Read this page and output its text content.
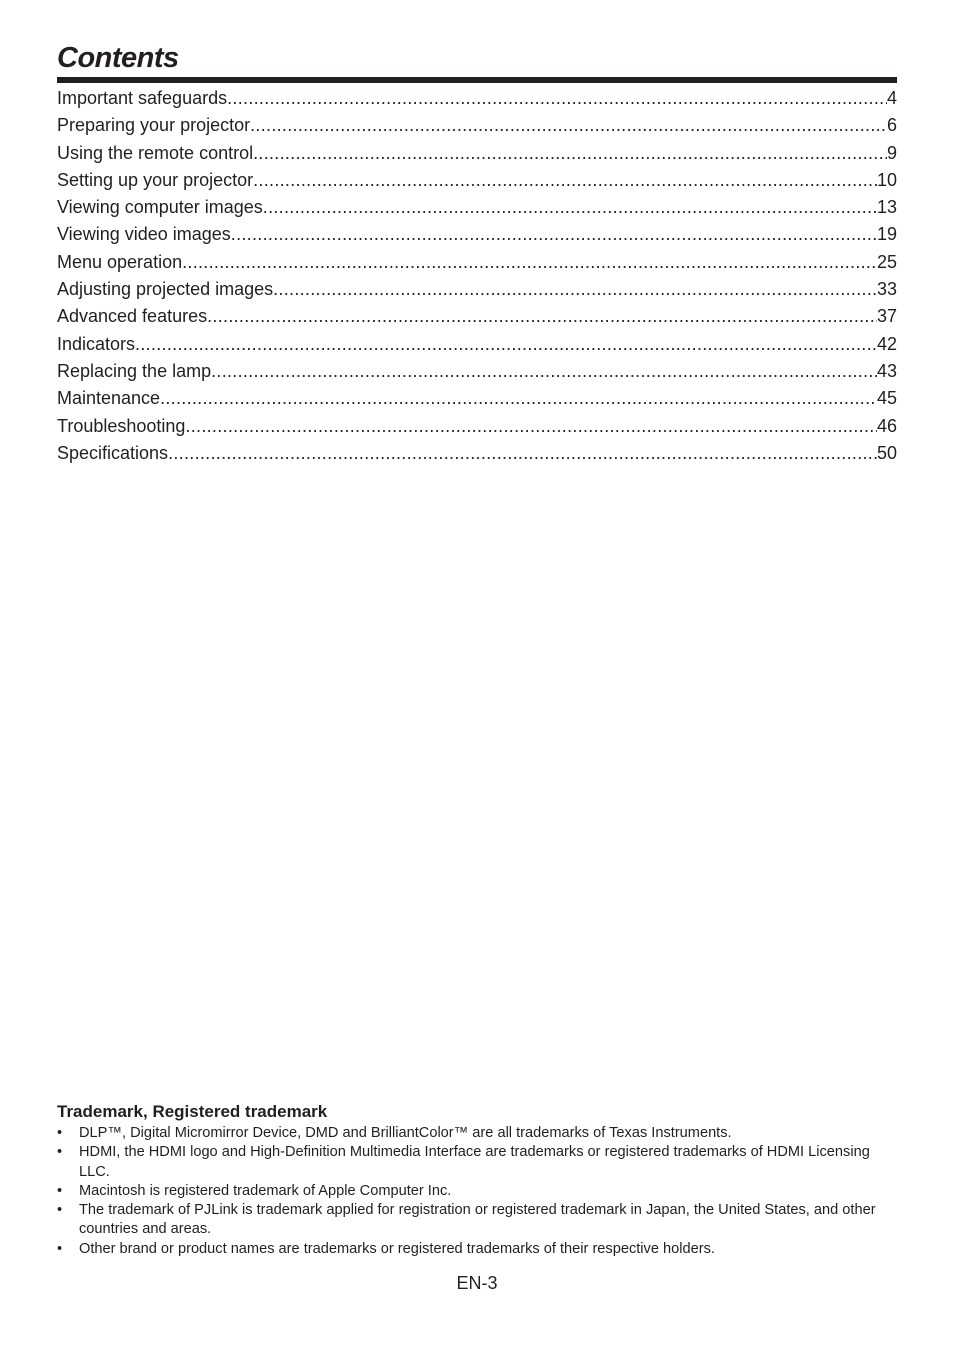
Contents
Important safeguards .....	4
Preparing your projector .....	6
Using the remote control .....	9
Setting up your projector .....	10
Viewing computer images .....	13
Viewing video images .....	19
Menu operation .....	25
Adjusting projected images .....	33
Advanced features .....	37
Indicators .....	42
Replacing the lamp .....	43
Maintenance .....	45
Troubleshooting .....	46
Specifications .....	50
Trademark, Registered trademark
• DLP™, Digital Micromirror Device, DMD and BrilliantColor™ are all trademarks of Texas Instruments.
• HDMI, the HDMI logo and High-Definition Multimedia Interface are trademarks or registered trademarks of HDMI Licensing LLC.
• Macintosh is registered trademark of Apple Computer Inc.
• The trademark of PJLink is trademark applied for registration or registered trademark in Japan, the United States, and other countries and areas.
• Other brand or product names are trademarks or registered trademarks of their respective holders.
EN-3
